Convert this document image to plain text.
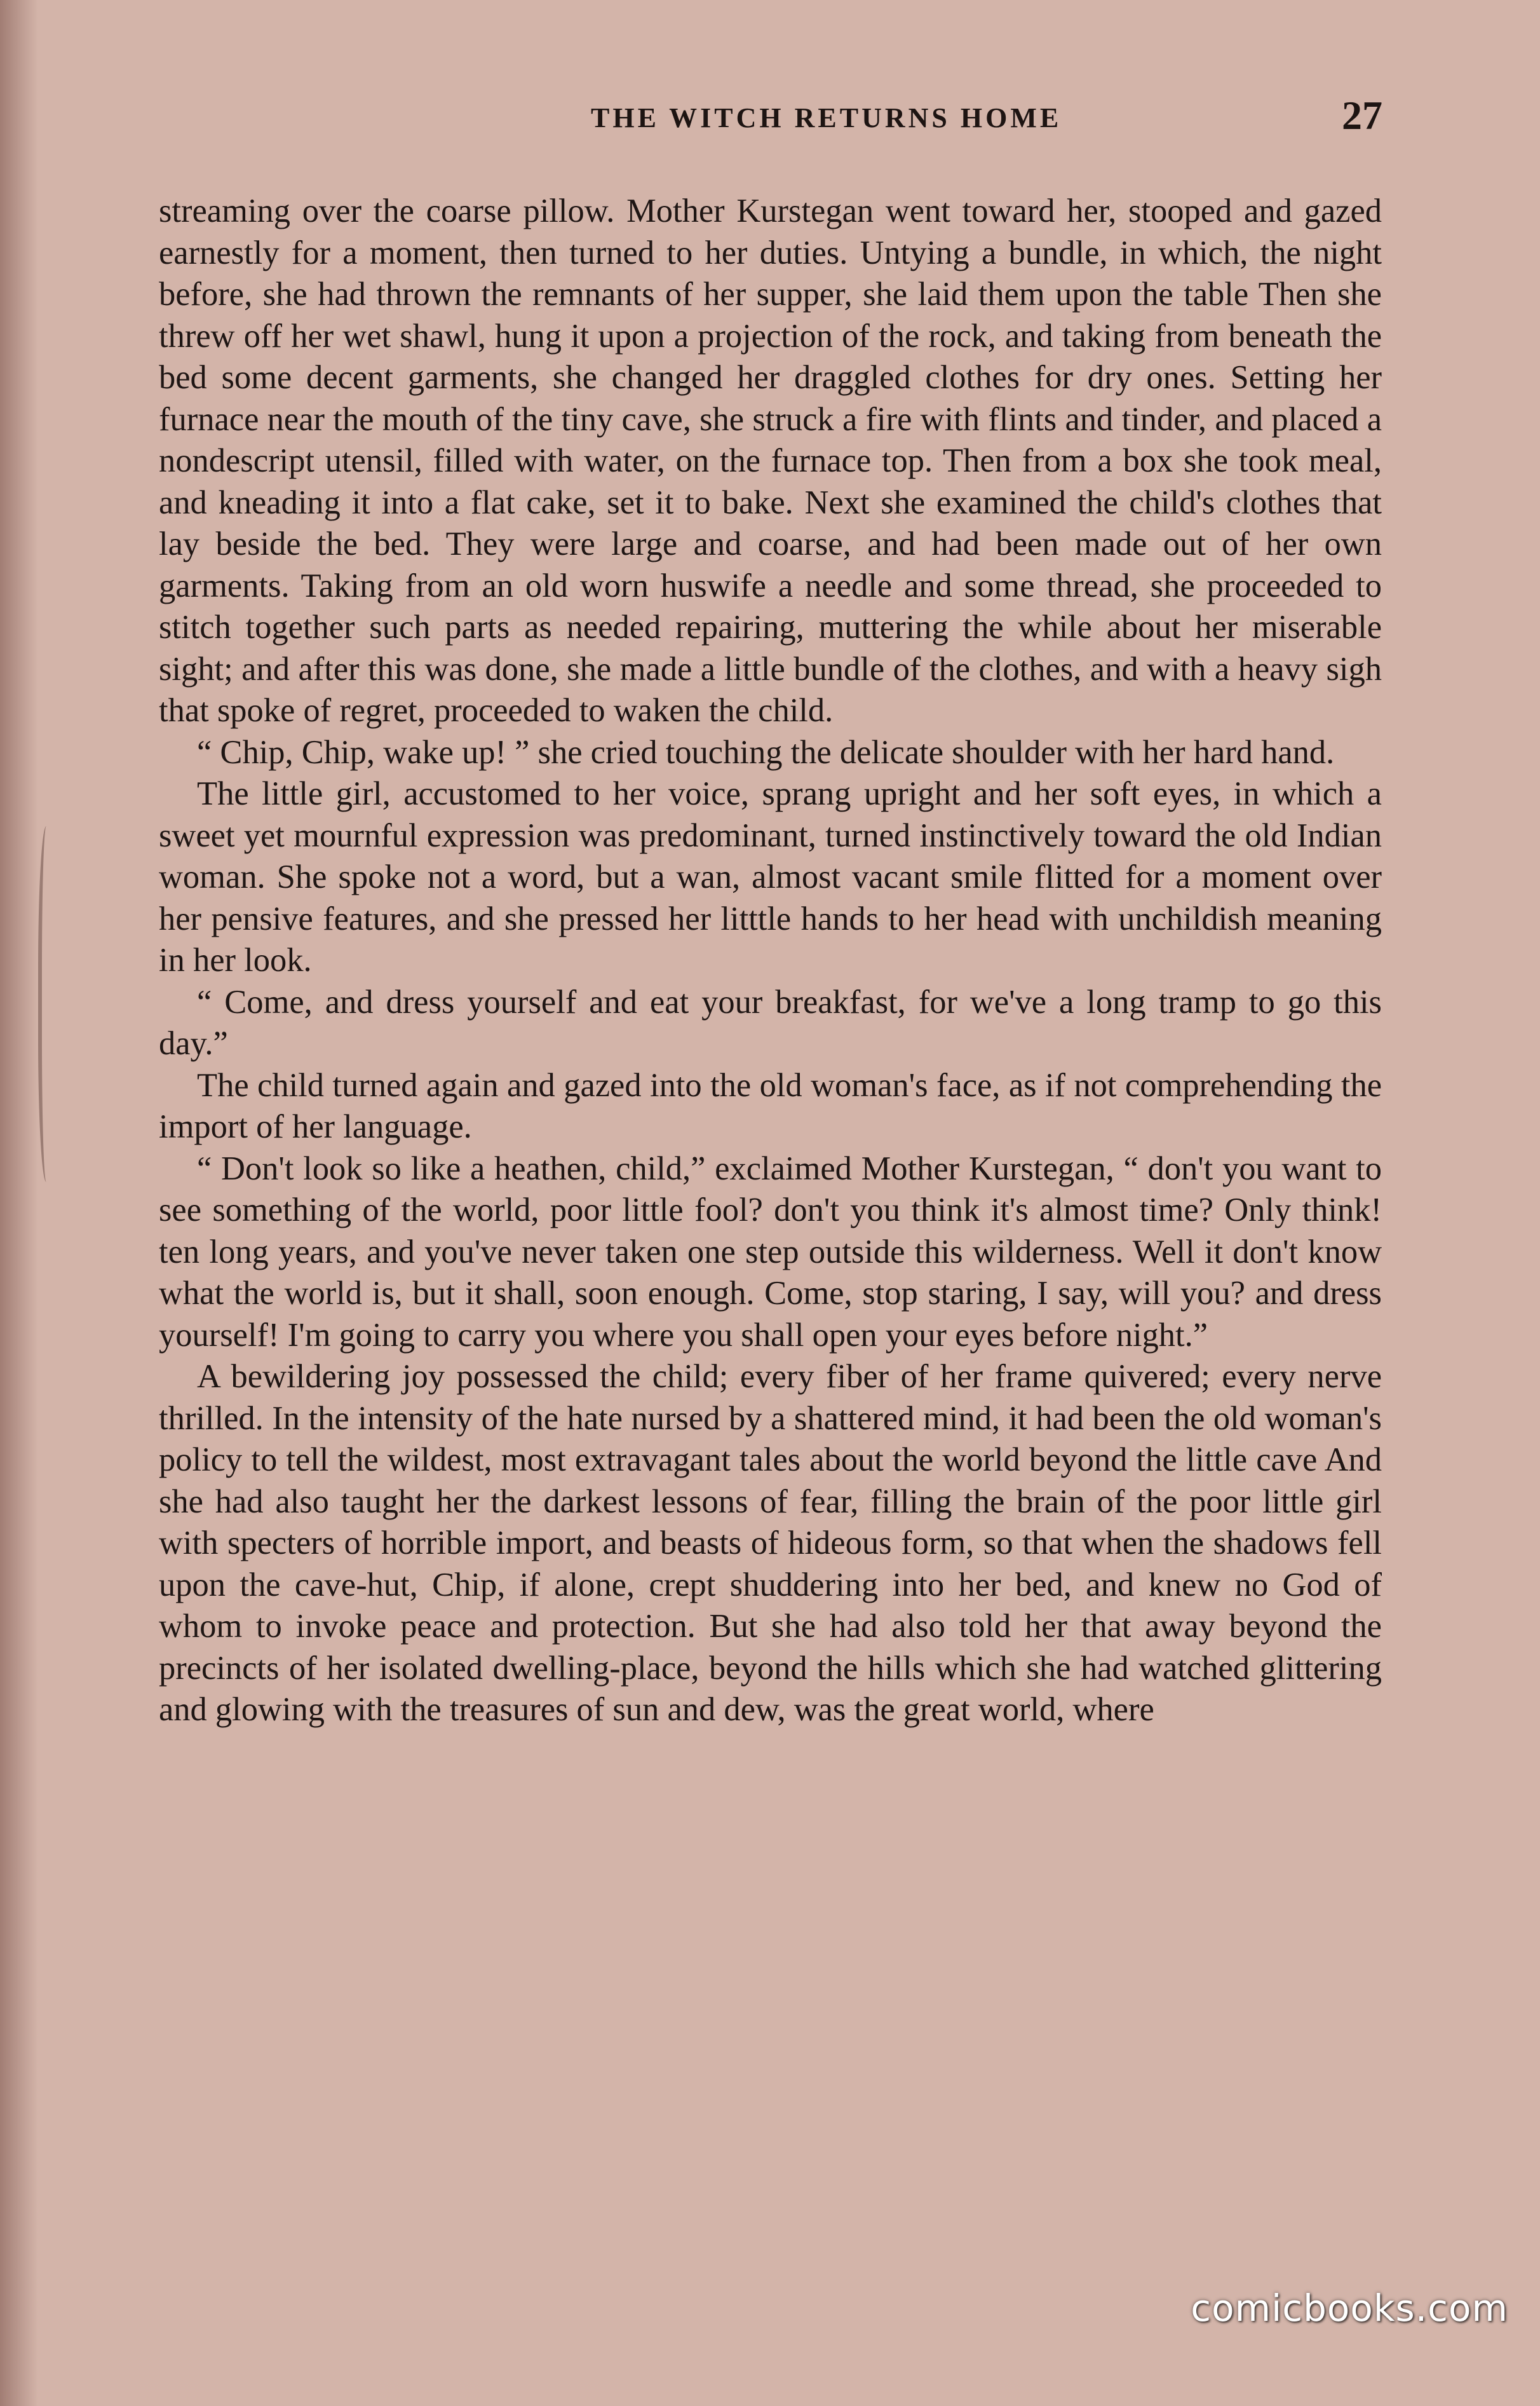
THE WITCH RETURNS HOME	27

streaming over the coarse pillow. Mother Kurstegan went toward her, stooped and gazed earnestly for a moment, then turned to her duties. Untying a bundle, in which, the night before, she had thrown the remnants of her supper, she laid them upon the table Then she threw off her wet shawl, hung it upon a projection of the rock, and taking from beneath the bed some decent garments, she changed her draggled clothes for dry ones. Setting her furnace near the mouth of the tiny cave, she struck a fire with flints and tinder, and placed a nondescript utensil, filled with water, on the furnace top. Then from a box she took meal, and kneading it into a flat cake, set it to bake. Next she examined the child's clothes that lay beside the bed. They were large and coarse, and had been made out of her own garments. Taking from an old worn huswife a needle and some thread, she proceeded to stitch together such parts as needed repairing, muttering the while about her miserable sight; and after this was done, she made a little bundle of the clothes, and with a heavy sigh that spoke of regret, proceeded to waken the child.

“ Chip, Chip, wake up! ” she cried touching the delicate shoulder with her hard hand.

The little girl, accustomed to her voice, sprang upright and her soft eyes, in which a sweet yet mournful expression was predominant, turned instinctively toward the old Indian woman. She spoke not a word, but a wan, almost vacant smile flitted for a moment over her pensive features, and she pressed her litttle hands to her head with unchildish meaning in her look.

“ Come, and dress yourself and eat your breakfast, for we've a long tramp to go this day.”

The child turned again and gazed into the old woman's face, as if not comprehending the import of her language.

“ Don't look so like a heathen, child,” exclaimed Mother Kurstegan, “ don't you want to see something of the world, poor little fool? don't you think it's almost time? Only think! ten long years, and you've never taken one step outside this wilderness. Well it don't know what the world is, but it shall, soon enough. Come, stop staring, I say, will you? and dress yourself! I'm going to carry you where you shall open your eyes before night.”

A bewildering joy possessed the child; every fiber of her frame quivered; every nerve thrilled. In the intensity of the hate nursed by a shattered mind, it had been the old woman's policy to tell the wildest, most extravagant tales about the world beyond the little cave And she had also taught her the darkest lessons of fear, filling the brain of the poor little girl with specters of horrible import, and beasts of hideous form, so that when the shadows fell upon the cave-hut, Chip, if alone, crept shuddering into her bed, and knew no God of whom to invoke peace and protection. But she had also told her that away beyond the precincts of her isolated dwelling-place, beyond the hills which she had watched glittering and glowing with the treasures of sun and dew, was the great world, where

comicbooks.com
